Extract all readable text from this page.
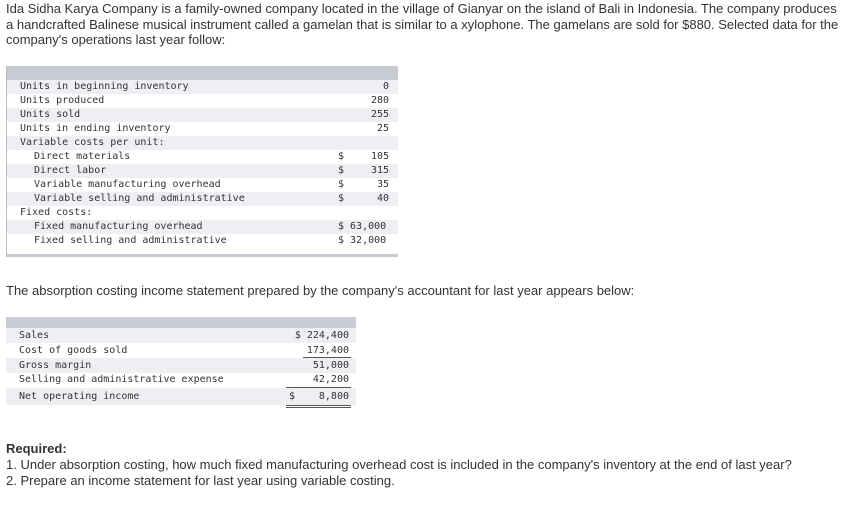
Ida Sidha Karya Company is a family-owned company located in the village of Gianyar on the island of Bali in Indonesia. The company produces a handcrafted Balinese musical instrument called a gamelan that is similar to a xylophone. The gamelans are sold for $880. Selected data for the company's operations last year follow:
Units in beginning inventory	0
Units produced	280
Units sold	255
Units in ending inventory	25
Variable costs per unit:
Direct materials	$	105
Direct labor	$	315
Variable manufacturing overhead	$	35
Variable selling and administrative	$	40
Fixed costs:
Fixed manufacturing overhead	$ 63,000
Fixed selling and administrative	$ 32,000
The absorption costing income statement prepared by the company's accountant for last year appears below:
Sales	$ 224,400
Cost of goods sold	173,400
Gross margin	51,000
Selling and administrative expense	42,200
Net operating income	$ 8,800
Required:
1. Under absorption costing, how much fixed manufacturing overhead cost is included in the company's inventory at the end of last year?
2. Prepare an income statement for last year using variable costing.
